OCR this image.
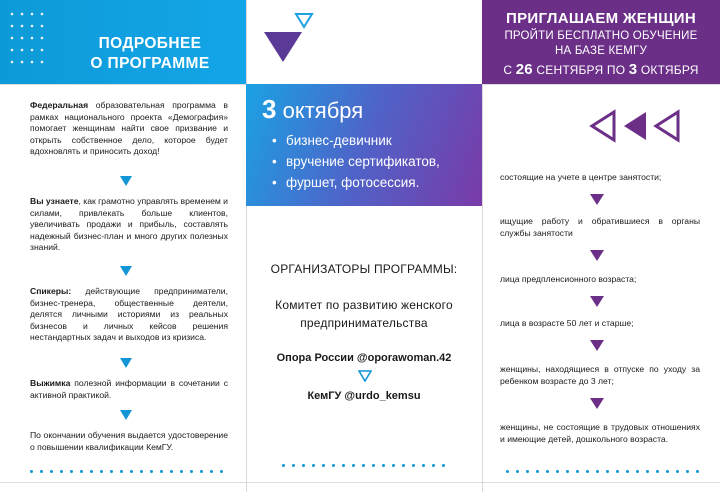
ПОДРОБНЕЕ
О ПРОГРАММЕ
ПРИГЛАШАЕМ ЖЕНЩИН
ПРОЙТИ БЕСПЛАТНО ОБУЧЕНИЕ
НА БАЗЕ КЕМГУ
С 26 СЕНТЯБРЯ ПО 3 ОКТЯБРЯ
3 октября
• бизнес-девичник
• вручение сертификатов,
• фуршет, фотосессия.

Федеральная образовательная программа в рамках национального проекта «Демография» помогает женщинам найти свое призвание и открыть собственное дело, которое будет вдохновлять и приносить доход!

Вы узнаете, как грамотно управлять временем и силами, привлекать больше клиентов, увеличивать продажи и прибыль, составлять надежный бизнес-план и много других полезных знаний.

Спикеры: действующие предприниматели, бизнес-тренера, общественные деятели, делятся личными историями из реальных бизнесов и личных кейсов решения нестандартных задач и выходов из кризиса.

Выжимка полезной информации в сочетании с активной практикой.

По окончании обучения выдается удостоверение о повышении квалификации КемГУ.

ОРГАНИЗАТОРЫ ПРОГРАММЫ:
Комитет по развитию женского
предпринимательства
Опора России @oporawoman.42
КемГУ @urdo_kemsu

состоящие на учете в центре занятости;

ищущие работу и обратившиеся в органы службы занятости

лица предпленсионного возраста;

лица в возрасте 50 лет и старше;

женщины, находящиеся в отпуске по уходу за ребенком возрасте до 3 лет;

женщины, не состоящие в трудовых отношениях и имеющие детей, дошкольного возраста.
